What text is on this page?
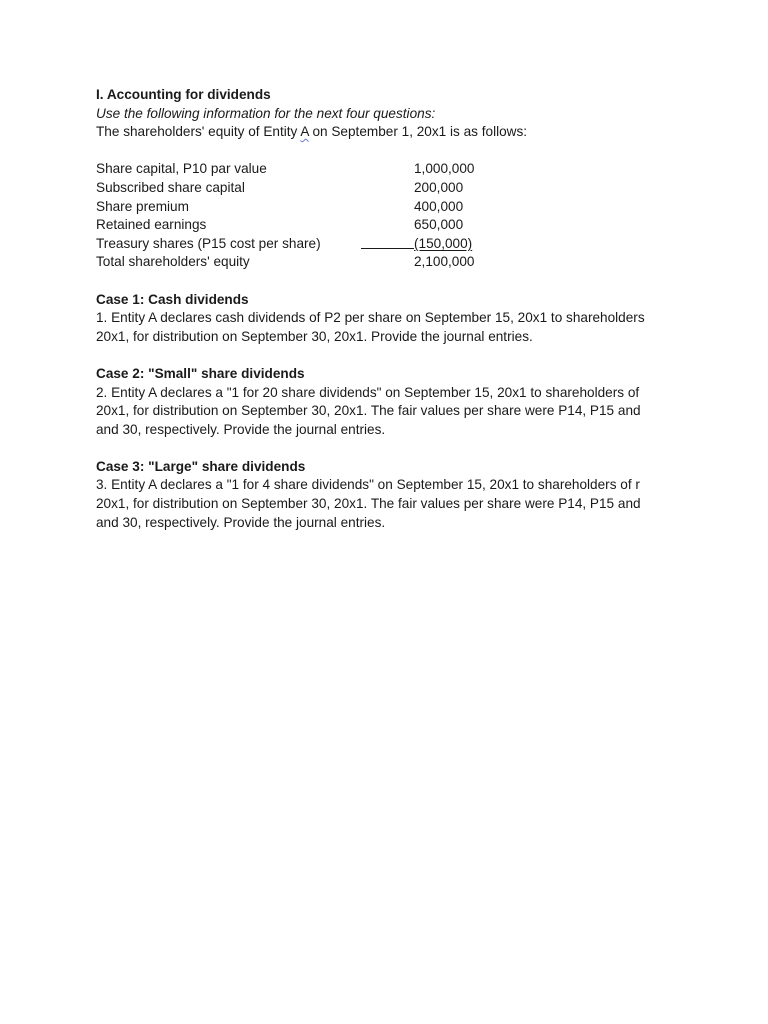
I. Accounting for dividends
Use the following information for the next four questions:
The shareholders' equity of Entity A on September 1, 20x1 is as follows:
Share capital, P10 par value	1,000,000
Subscribed share capital	200,000
Share premium	400,000
Retained earnings	650,000
Treasury shares (P15 cost per share)	(150,000)
Total shareholders' equity	2,100,000
Case 1: Cash dividends
1. Entity A declares cash dividends of P2 per share on September 15, 20x1 to shareholders
20x1, for distribution on September 30, 20x1. Provide the journal entries.
Case 2: "Small" share dividends
2. Entity A declares a "1 for 20 share dividends" on September 15, 20x1 to shareholders of
20x1, for distribution on September 30, 20x1. The fair values per share were P14, P15 and
and 30, respectively. Provide the journal entries.
Case 3: "Large" share dividends
3. Entity A declares a "1 for 4 share dividends" on September 15, 20x1 to shareholders of r
20x1, for distribution on September 30, 20x1. The fair values per share were P14, P15 and
and 30, respectively. Provide the journal entries.
